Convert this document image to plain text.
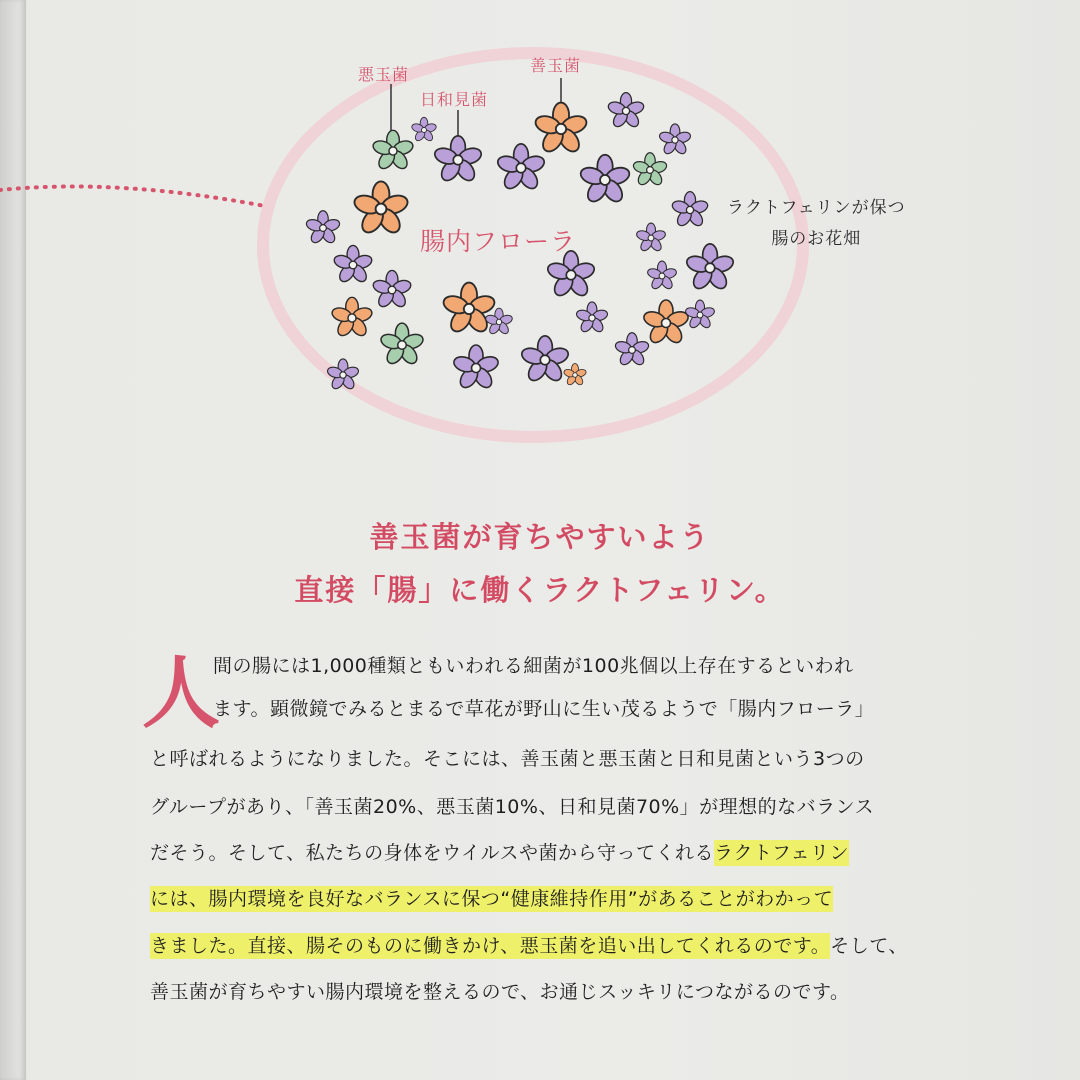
悪玉菌
日和見菌
善玉菌
腸内フローラ
ラクトフェリンが保つ
腸のお花畑
善玉菌が育ちやすいよう
直接「腸」に働くラクトフェリン。
人
間の腸には1,000種類ともいわれる細菌が100兆個以上存在するといわれ
ます。顕微鏡でみるとまるで草花が野山に生い茂るようで「腸内フローラ」
と呼ばれるようになりました。そこには、善玉菌と悪玉菌と日和見菌という3つの
グループがあり、「善玉菌20%、悪玉菌10%、日和見菌70%」が理想的なバランス
だそう。そして、私たちの身体をウイルスや菌から守ってくれるラクトフェリン
には、腸内環境を良好なバランスに保つ“健康維持作用”があることがわかって
きました。直接、腸そのものに働きかけ、悪玉菌を追い出してくれるのです。そして、
善玉菌が育ちやすい腸内環境を整えるので、お通じスッキリにつながるのです。
